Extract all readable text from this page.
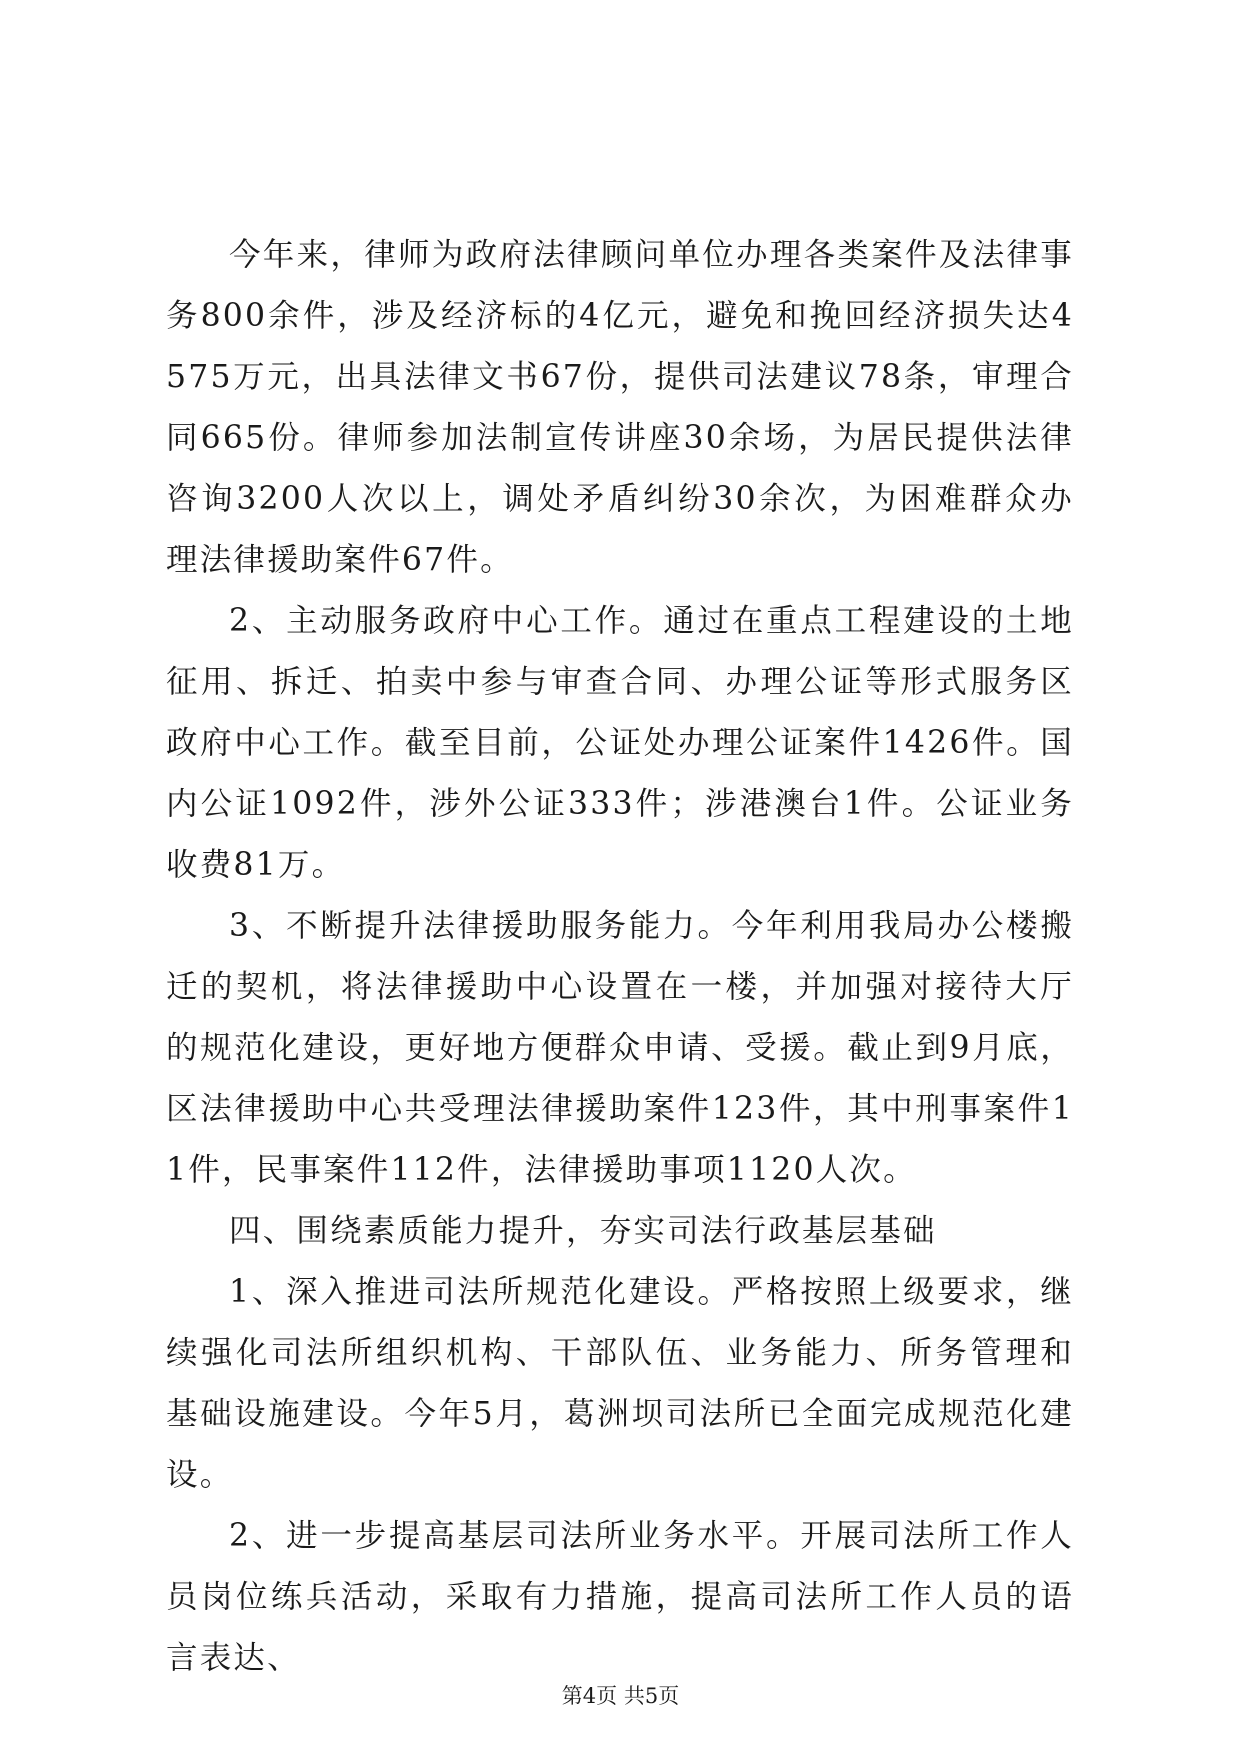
今年来，律师为政府法律顾问单位办理各类案件及法律事务800余件，涉及经济标的4亿元，避免和挽回经济损失达4575万元，出具法律文书67份，提供司法建议78条，审理合同665份。律师参加法制宣传讲座30余场，为居民提供法律咨询3200人次以上，调处矛盾纠纷30余次，为困难群众办理法律援助案件67件。

2、主动服务政府中心工作。通过在重点工程建设的土地征用、拆迁、拍卖中参与审查合同、办理公证等形式服务区政府中心工作。截至目前，公证处办理公证案件1426件。国内公证1092件，涉外公证333件；涉港澳台1件。公证业务收费81万。

3、不断提升法律援助服务能力。今年利用我局办公楼搬迁的契机，将法律援助中心设置在一楼，并加强对接待大厅的规范化建设，更好地方便群众申请、受援。截止到9月底，区法律援助中心共受理法律援助案件123件，其中刑事案件11件，民事案件112件，法律援助事项1120人次。

四、围绕素质能力提升，夯实司法行政基层基础

1、深入推进司法所规范化建设。严格按照上级要求，继续强化司法所组织机构、干部队伍、业务能力、所务管理和基础设施建设。今年5月，葛洲坝司法所已全面完成规范化建设。

2、进一步提高基层司法所业务水平。开展司法所工作人员岗位练兵活动，采取有力措施，提高司法所工作人员的语言表达、

第4页 共5页
